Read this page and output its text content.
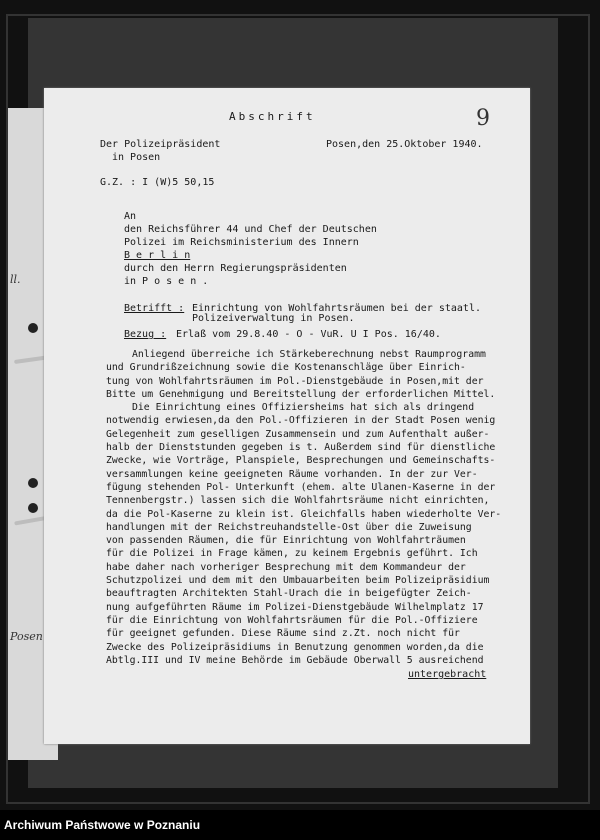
ll.
Posen
Abschrift	9
Der Polizeipräsident
in Posen
Posen,den 25.Oktober 1940.
G.Z. : I (W)5 50,15
An
den Reichsführer 44 und Chef der Deutschen
Polizei im Reichsministerium des Innern
B e r l i n
durch den Herrn Regierungspräsidenten
in P o s e n .
Betrifft : Einrichtung von Wohlfahrtsräumen bei der staatl.
Polizeiverwaltung in Posen.
Bezug : Erlaß vom 29.8.40 - O - VuR. U I Pos. 16/40.
Anliegend überreiche ich Stärkeberechnung nebst Raumprogramm
und Grundrißzeichnung sowie die Kostenanschläge über Einrich-
tung von Wohlfahrtsräumen im Pol.-Dienstgebäude in Posen,mit der
Bitte um Genehmigung und Bereitstellung der erforderlichen Mittel.
Die Einrichtung eines Offiziersheims hat sich als dringend
notwendig erwiesen,da den Pol.-Offizieren in der Stadt Posen wenig
Gelegenheit zum geselligen Zusammensein und zum Aufenthalt außer-
halb der Dienststunden gegeben is t. Außerdem sind für dienstliche
Zwecke, wie Vorträge, Planspiele, Besprechungen und Gemeinschafts-
versammlungen keine geeigneten Räume vorhanden. In der zur Ver-
fügung stehenden Pol- Unterkunft (ehem. alte Ulanen-Kaserne in der
Tennenbergstr.) lassen sich die Wohlfahrtsräume nicht einrichten,
da die Pol-Kaserne zu klein ist. Gleichfalls haben wiederholte Ver-
handlungen mit der Reichstreuhandstelle-Ost über die Zuweisung
von passenden Räumen, die für Einrichtung von Wohlfahrträumen
für die Polizei in Frage kämen, zu keinem Ergebnis geführt. Ich
habe daher nach vorheriger Besprechung mit dem Kommandeur der
Schutzpolizei und dem mit den Umbauarbeiten beim Polizeipräsidium
beauftragten Architekten Stahl-Urach die in beigefügter Zeich-
nung aufgeführten Räume im Polizei-Dienstgebäude Wilhelmplatz 17
für die Einrichtung von Wohlfahrtsräumen für die Pol.-Offiziere
für geeignet gefunden. Diese Räume sind z.Zt. noch nicht für
Zwecke des Polizeipräsidiums in Benutzung genommen worden,da die
Abtlg.III und IV meine Behörde im Gebäude Oberwall 5 ausreichend
untergebracht
Archiwum Państwowe w Poznaniu
